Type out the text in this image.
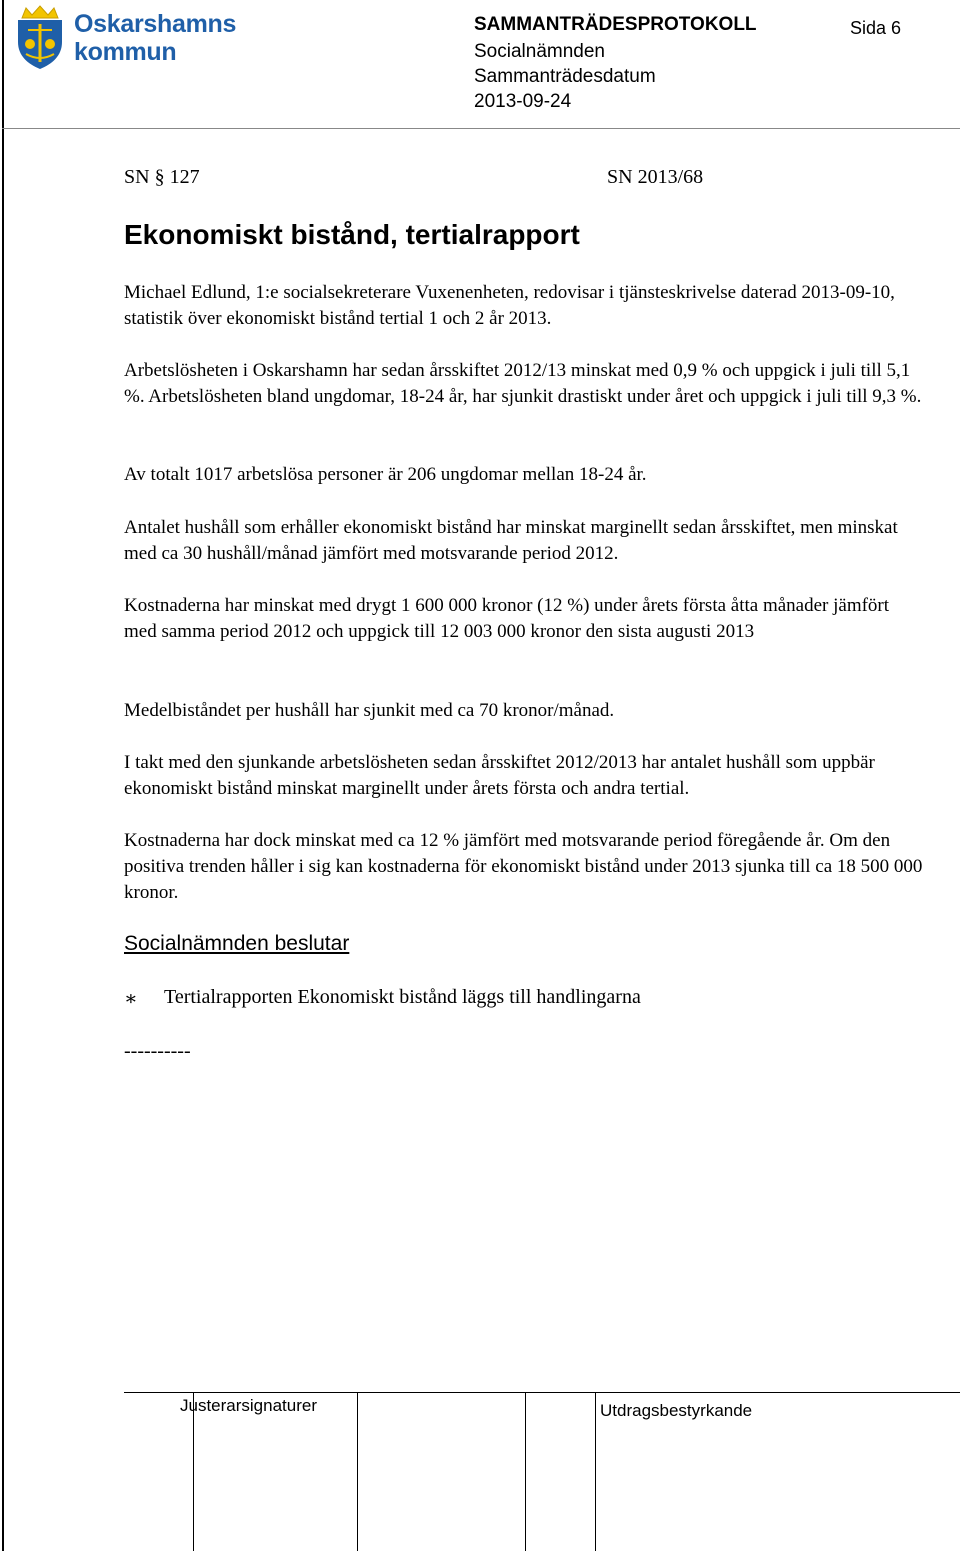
Oskarshamns
kommun
SAMMANTRÄDESPROTOKOLL	Sida 6
Socialnämnden
Sammanträdesdatum
2013-09-24
SN § 127	SN 2013/68
Ekonomiskt bistånd, tertialrapport
Michael Edlund, 1:e socialsekreterare Vuxenenheten, redovisar i tjänsteskrivelse daterad 2013-09-10, statistik över ekonomiskt bistånd tertial 1 och 2 år 2013.
Arbetslösheten i Oskarshamn har sedan årsskiftet 2012/13 minskat med 0,9 % och uppgick i juli till 5,1 %. Arbetslösheten bland ungdomar, 18-24 år, har sjunkit drastiskt under året och uppgick i juli till 9,3 %.
Av totalt 1017 arbetslösa personer är 206 ungdomar mellan 18-24 år.
Antalet hushåll som erhåller ekonomiskt bistånd har minskat marginellt sedan årsskiftet, men minskat med ca 30 hushåll/månad jämfört med motsvarande period 2012.
Kostnaderna har minskat med drygt 1 600 000 kronor (12 %) under årets första åtta månader jämfört med samma period 2012 och uppgick till 12 003 000 kronor den sista augusti 2013
Medelbiståndet per hushåll har sjunkit med ca 70 kronor/månad.
I takt med den sjunkande arbetslösheten sedan årsskiftet 2012/2013 har antalet hushåll som uppbär ekonomiskt bistånd minskat marginellt under årets första och andra tertial.
Kostnaderna har dock minskat med ca 12 % jämfört med motsvarande period föregående år. Om den positiva trenden håller i sig kan kostnaderna för ekonomiskt bistånd under 2013 sjunka till ca 18 500 000 kronor.
Socialnämnden beslutar
∗ Tertialrapporten Ekonomiskt bistånd läggs till handlingarna
----------
Justerarsignaturer	Utdragsbestyrkande
